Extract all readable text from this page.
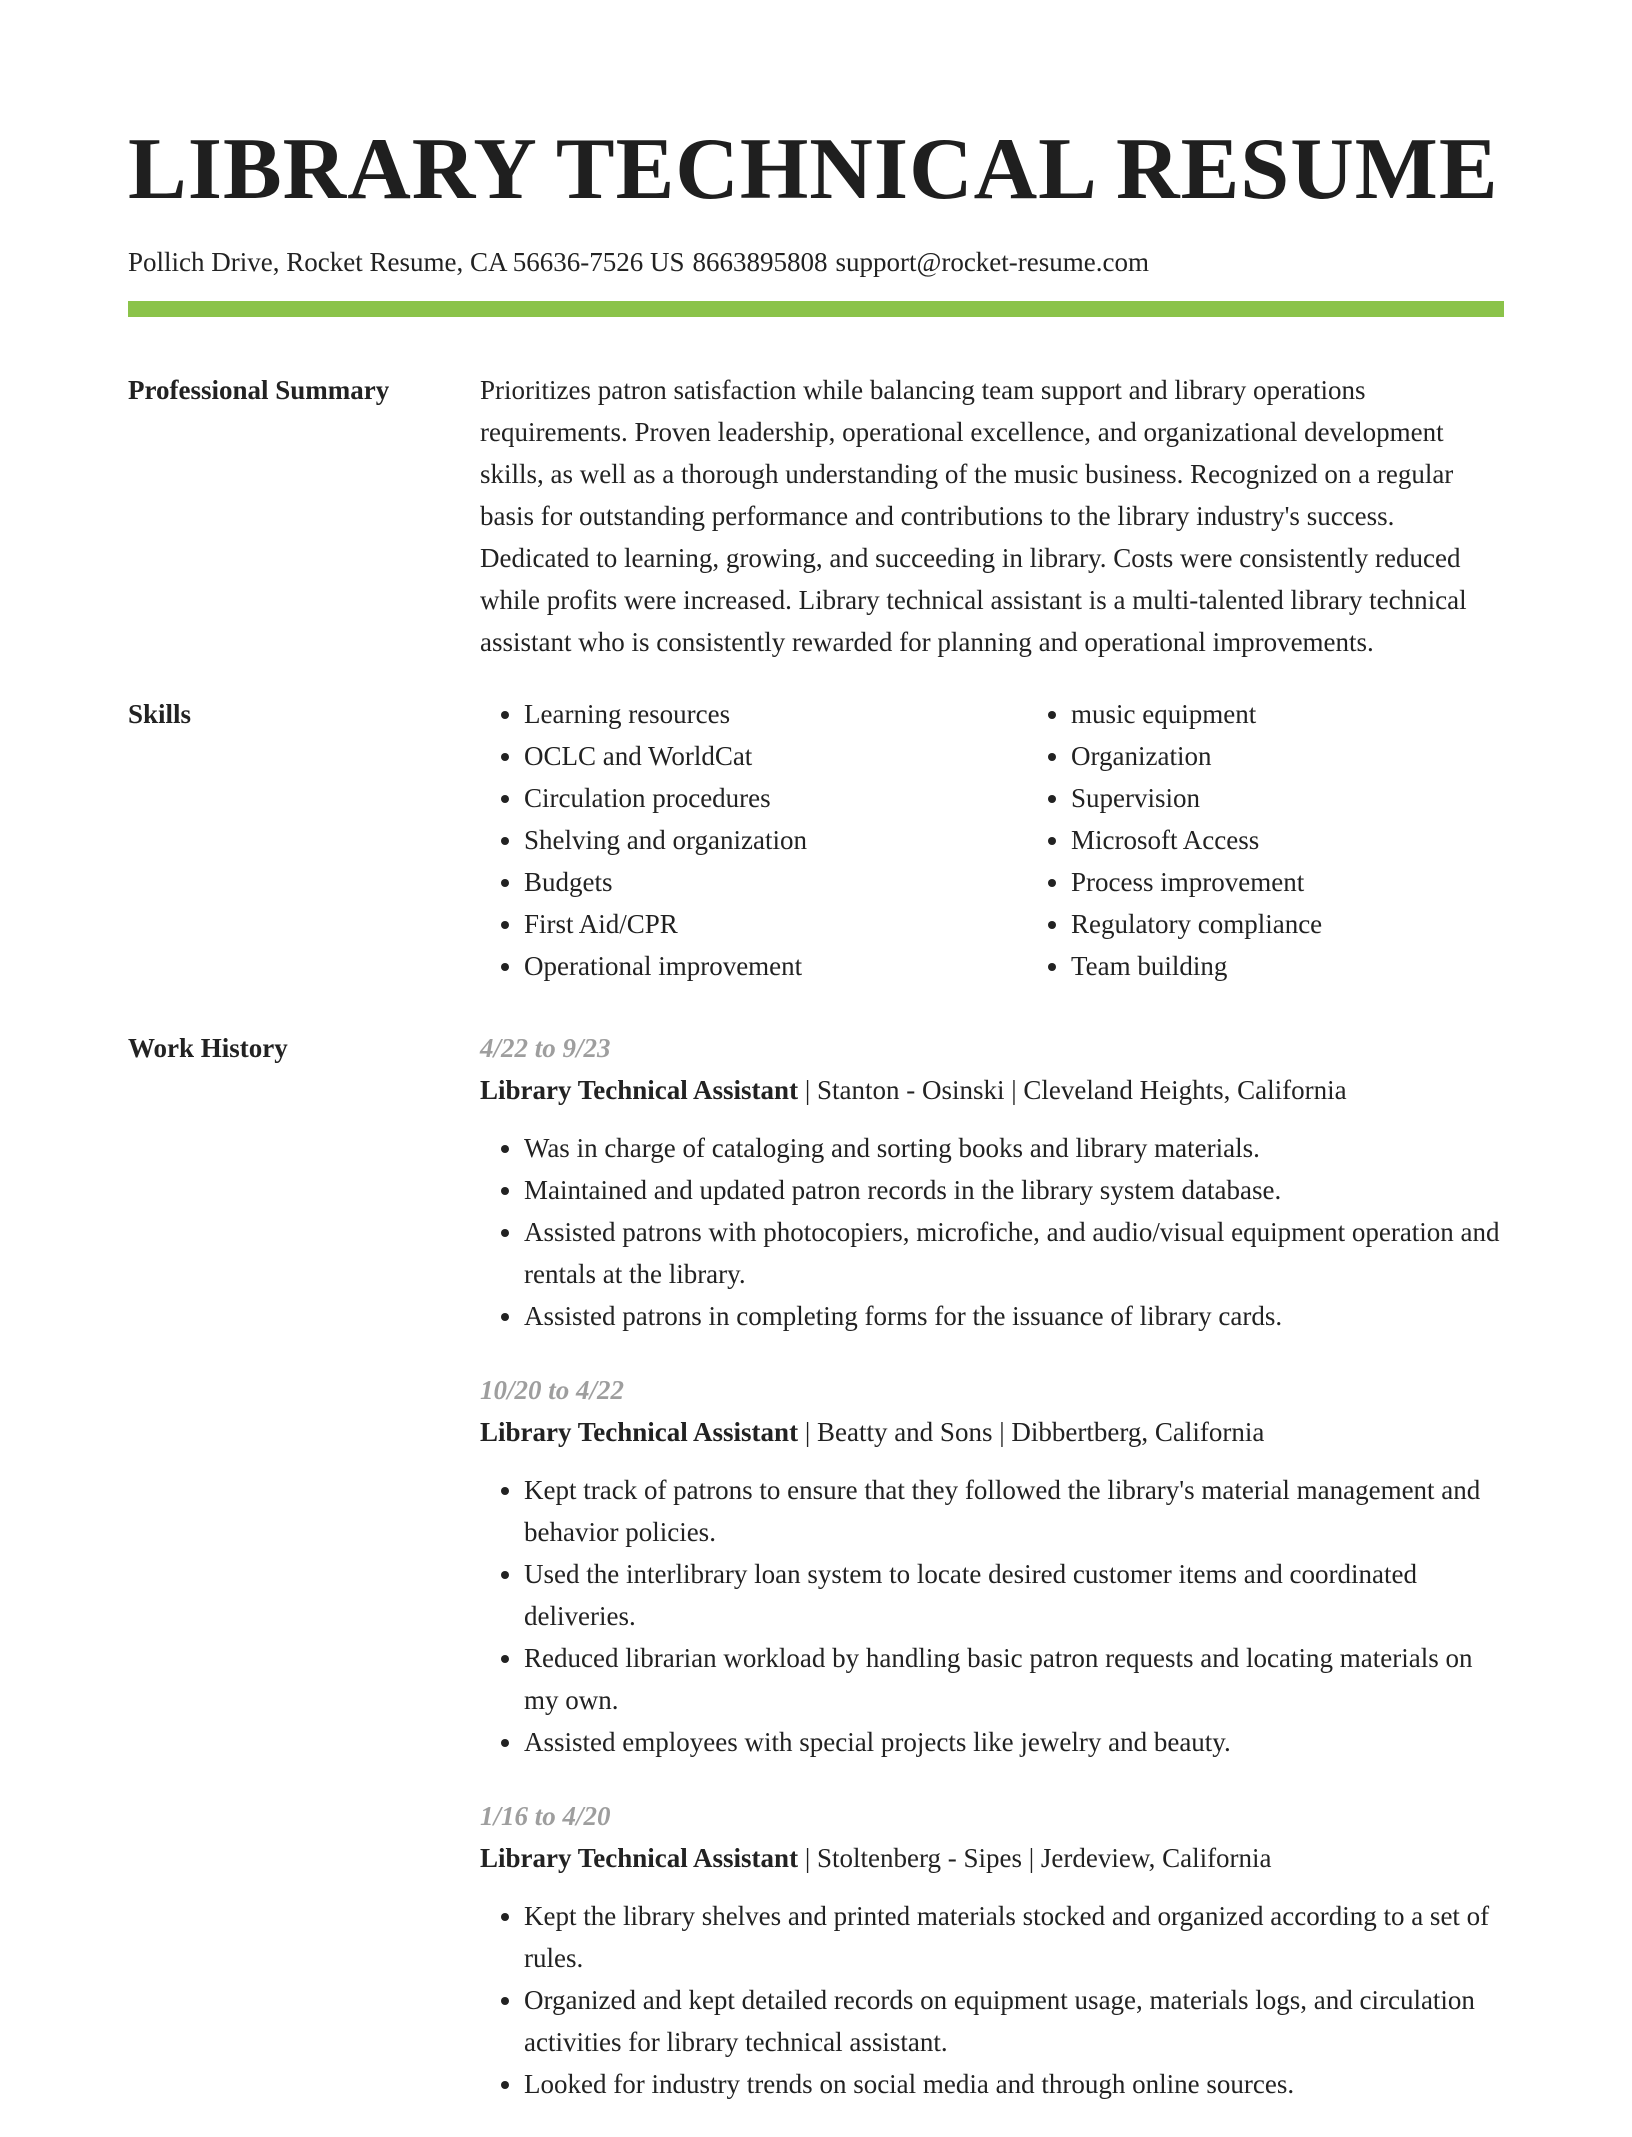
LIBRARY TECHNICAL RESUME
Pollich Drive, Rocket Resume, CA 56636-7526 US 8663895808 support@rocket-resume.com
Professional Summary	Prioritizes patron satisfaction while balancing team support and library operations requirements. Proven leadership, operational excellence, and organizational development skills, as well as a thorough understanding of the music business. Recognized on a regular basis for outstanding performance and contributions to the library industry's success. Dedicated to learning, growing, and succeeding in library. Costs were consistently reduced while profits were increased. Library technical assistant is a multi-talented library technical assistant who is consistently rewarded for planning and operational improvements.

Skills
•	Learning resources
• OCLC and WorldCat
• Circulation procedures
• Shelving and organization
• Budgets
• First Aid/CPR
• Operational improvement
• music equipment
• Organization
• Supervision
• Microsoft Access
• Process improvement
• Regulatory compliance
• Team building
Work History	4/22 to 9/23
Library Technical Assistant | Stanton - Osinski | Cleveland Heights, California
• Was in charge of cataloging and sorting books and library materials.
• Maintained and updated patron records in the library system database.
• Assisted patrons with photocopiers, microfiche, and audio/visual equipment operation and rentals at the library.
• Assisted patrons in completing forms for the issuance of library cards.
10/20 to 4/22
Library Technical Assistant | Beatty and Sons | Dibbertberg, California
• Kept track of patrons to ensure that they followed the library's material management and behavior policies.
• Used the interlibrary loan system to locate desired customer items and coordinated deliveries.
• Reduced librarian workload by handling basic patron requests and locating materials on my own.
• Assisted employees with special projects like jewelry and beauty.
1/16 to 4/20
Library Technical Assistant | Stoltenberg - Sipes | Jerdeview, California
• Kept the library shelves and printed materials stocked and organized according to a set of rules.
• Organized and kept detailed records on equipment usage, materials logs, and circulation activities for library technical assistant.
• Looked for industry trends on social media and through online sources.
